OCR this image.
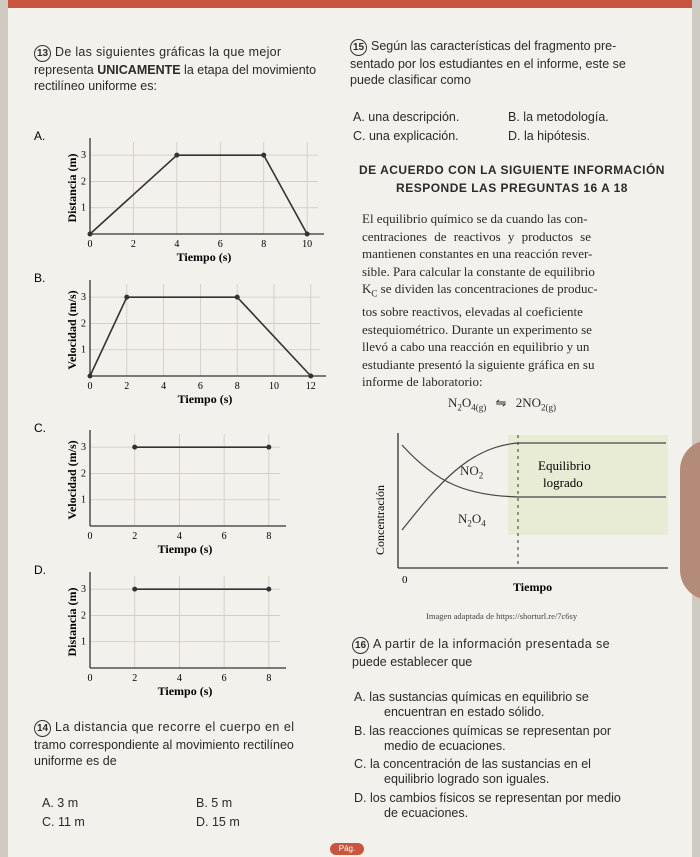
13 De las siguientes gráficas la que mejor
representa UNICAMENTE la etapa del movimiento
rectilíneo uniforme es:
A.
0	2	4	6	8	10
1
2
3
Tiempo (s)
Distancia (m)
B.
0	2	4	6	8	10	12
1
2
3
Tiempo (s)
Velocidad (m/s)
C.
0	2	4	6	8
1
2
3
Tiempo (s)
Velocidad (m/s)
D.
0	2	4	6	8
1
2
3
Tiempo (s)
Distancia (m)
14 La distancia que recorre el cuerpo en el
tramo correspondiente al movimiento rectilíneo
uniforme es de
A. 3 m	B. 5 m
C. 11 m	D. 15 m
15 Según las características del fragmento pre-
sentado por los estudiantes en el informe, este se
puede clasificar como
A. una descripción.	B. la metodología.
C. una explicación.	D. la hipótesis.
DE ACUERDO CON LA SIGUIENTE INFORMACIÓN
RESPONDE LAS PREGUNTAS 16 A 18
El equilibrio químico se da cuando las con-
centraciones de reactivos y productos se
mantienen constantes en una reacción rever-
sible. Para calcular la constante de equilibrio
$K_C$ se dividen las concentraciones de produc-
tos sobre reactivos, elevadas al coeficiente
estequiométrico. Durante un experimento se
llevó a cabo una reacción en equilibrio y un
estudiante presentó la siguiente gráfica en su
informe de laboratorio:
$N_2O_{4(g)}$ ⇋ $2NO_{2(g)}$
Concentración
0	Tiempo
Equilibrio
logrado
$NO_2$
$N_2O_4$
Imagen adaptada de https://shorturl.re/7c6sy
16 A partir de la información presentada se
puede establecer que
A. las sustancias químicas en equilibrio se
encuentran en estado sólido.
B. las reacciones químicas se representan por
medio de ecuaciones.
C. la concentración de las sustancias en el
equilibrio logrado son iguales.
D. los cambios físicos se representan por medio
de ecuaciones.
Pág.
